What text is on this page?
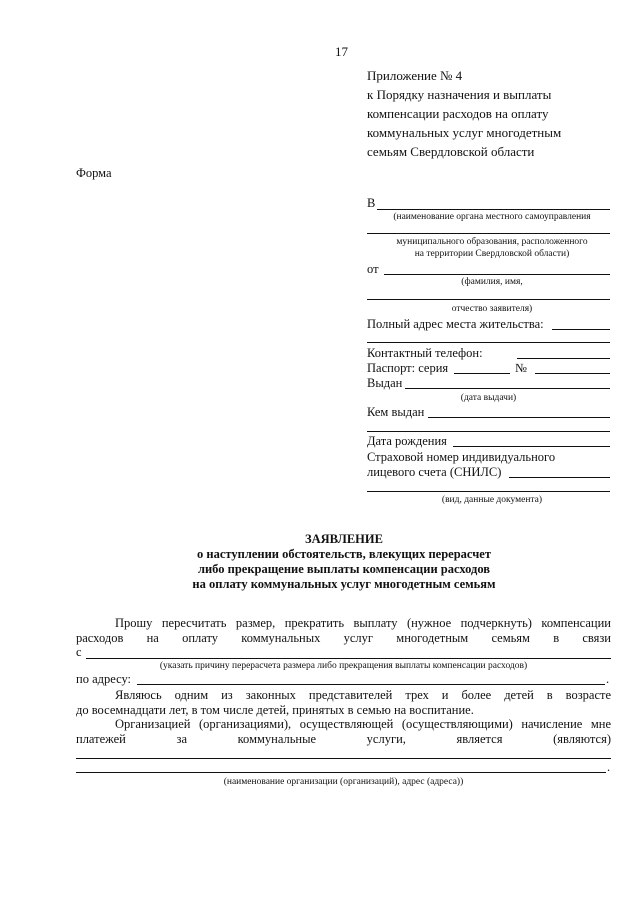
17
Приложение № 4
к Порядку назначения и выплаты
компенсации расходов на оплату
коммунальных услуг многодетным
семьям Свердловской области
Форма
В
(наименование органа местного самоуправления
муниципального образования, расположенного
на территории Свердловской области)
от
(фамилия, имя,
отчество заявителя)
Полный адрес места жительства:
Контактный телефон:
Паспорт: серия	№
Выдан
(дата выдачи)
Кем выдан
Дата рождения
Страховой номер индивидуального
лицевого счета (СНИЛС)
(вид, данные документа)
ЗАЯВЛЕНИЕ
о наступлении обстоятельств, влекущих перерасчет
либо прекращение выплаты компенсации расходов
на оплату коммунальных услуг многодетным семьям
Прошу пересчитать размер, прекратить выплату (нужное подчеркнуть) компенсации
расходов на оплату коммунальных услуг многодетным семьям в связи
с
(указать причину перерасчета размера либо прекращения выплаты компенсации расходов)
по адресу:	.
Являюсь одним из законных представителей трех и более детей в возрасте
до восемнадцати лет, в том числе детей, принятых в семью на воспитание.
Организацией (организациями), осуществляющей (осуществляющими) начисление мне
платежей за коммунальные услуги, является (являются)
.
(наименование организации (организаций), адрес (адреса))
